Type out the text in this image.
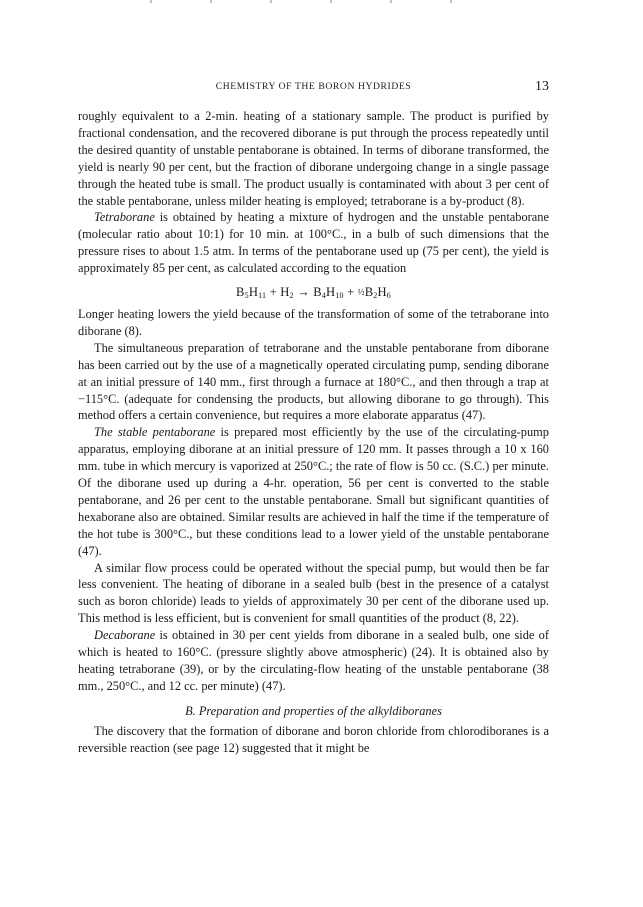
CHEMISTRY OF THE BORON HYDRIDES	13

roughly equivalent to a 2-min. heating of a stationary sample. The product is purified by fractional condensation, and the recovered diborane is put through the process repeatedly until the desired quantity of unstable pentaborane is obtained. In terms of diborane transformed, the yield is nearly 90 per cent, but the fraction of diborane undergoing change in a single passage through the heated tube is small. The product usually is contaminated with about 3 per cent of the stable pentaborane, unless milder heating is employed; tetraborane is a by-product (8).

Tetraborane is obtained by heating a mixture of hydrogen and the unstable pentaborane (molecular ratio about 10:1) for 10 min. at 100°C., in a bulb of such dimensions that the pressure rises to about 1.5 atm. In terms of the pentaborane used up (75 per cent), the yield is approximately 85 per cent, as calculated according to the equation

$B_5H_{11} + H_2 \to B_4H_{10}$ + $\frac{1}{2}B_2H_6$

Longer heating lowers the yield because of the transformation of some of the tetraborane into diborane (8).

The simultaneous preparation of tetraborane and the unstable pentaborane from diborane has been carried out by the use of a magnetically operated circulating pump, sending diborane at an initial pressure of 140 mm., first through a furnace at 180°C., and then through a trap at −115°C. (adequate for condensing the products, but allowing diborane to go through). This method offers a certain convenience, but requires a more elaborate apparatus (47).

The stable pentaborane is prepared most efficiently by the use of the circulating-pump apparatus, employing diborane at an initial pressure of 120 mm. It passes through a 10 x 160 mm. tube in which mercury is vaporized at 250°C.; the rate of flow is 50 cc. (S.C.) per minute. Of the diborane used up during a 4-hr. operation, 56 per cent is converted to the stable pentaborane, and 26 per cent to the unstable pentaborane. Small but significant quantities of hexaborane also are obtained. Similar results are achieved in half the time if the temperature of the hot tube is 300°C., but these conditions lead to a lower yield of the unstable pentaborane (47).

A similar flow process could be operated without the special pump, but would then be far less convenient. The heating of diborane in a sealed bulb (best in the presence of a catalyst such as boron chloride) leads to yields of approximately 30 per cent of the diborane used up. This method is less efficient, but is convenient for small quantities of the product (8, 22).

Decaborane is obtained in 30 per cent yields from diborane in a sealed bulb, one side of which is heated to 160°C. (pressure slightly above atmospheric) (24). It is obtained also by heating tetraborane (39), or by the circulating-flow heating of the unstable pentaborane (38 mm., 250°C., and 12 cc. per minute) (47).

B. Preparation and properties of the alkyldiboranes

The discovery that the formation of diborane and boron chloride from chlorodiboranes is a reversible reaction (see page 12) suggested that it might be
